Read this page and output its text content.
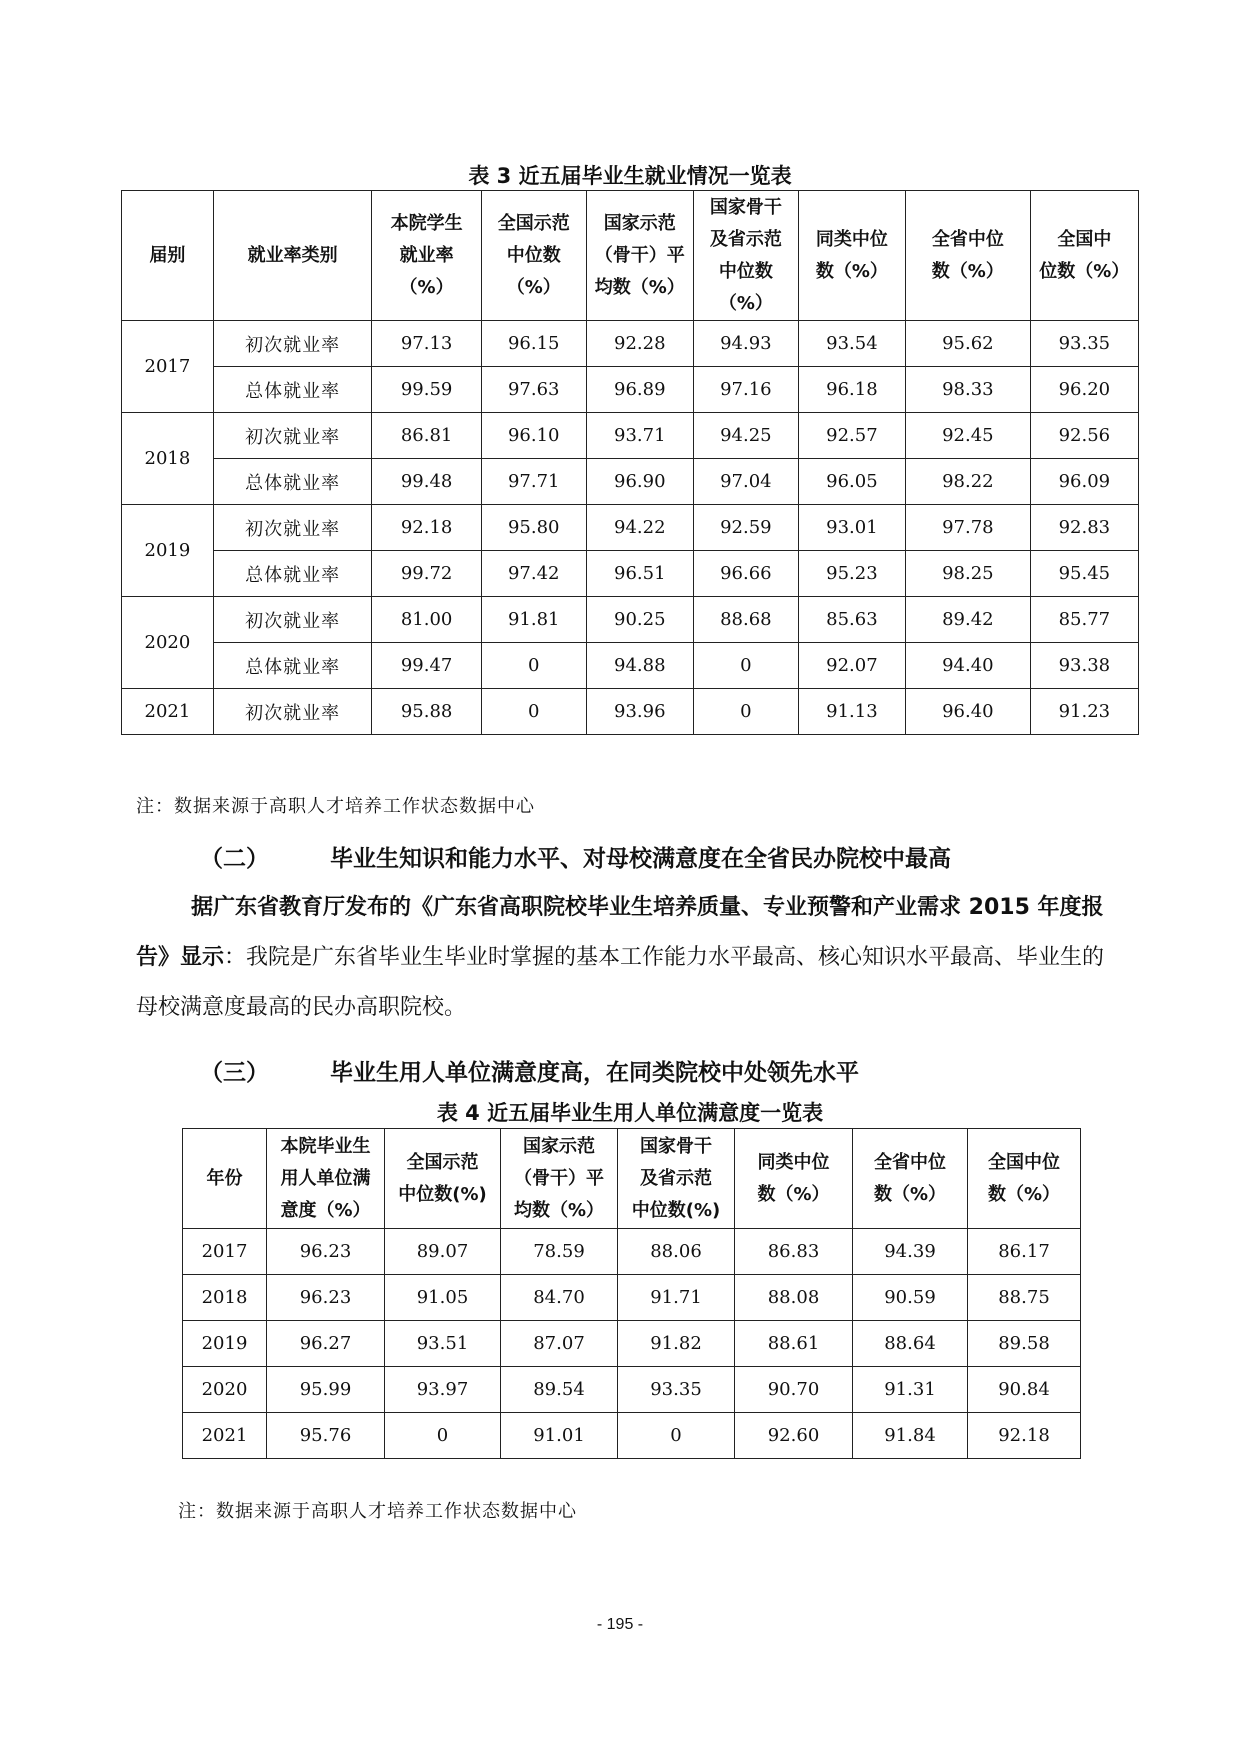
表 3 近五届毕业生就业情况一览表
届别	就业率类别	本院学生
就业率
（%）	全国示范
中位数
（%）	国家示范
（骨干）平
均数（%）	国家骨干
及省示范
中位数
（%）	同类中位
数（%）	全省中位
数（%）	全国中
位数（%）

2017	初次就业率	97.13	96.15	92.28	94.93	93.54	95.62	93.35
	总体就业率	99.59	97.63	96.89	97.16	96.18	98.33	96.20
2018	初次就业率	86.81	96.10	93.71	94.25	92.57	92.45	92.56
	总体就业率	99.48	97.71	96.90	97.04	96.05	98.22	96.09
2019	初次就业率	92.18	95.80	94.22	92.59	93.01	97.78	92.83
	总体就业率	99.72	97.42	96.51	96.66	95.23	98.25	95.45
2020	初次就业率	81.00	91.81	90.25	88.68	85.63	89.42	85.77
	总体就业率	99.47	0	94.88	0	92.07	94.40	93.38
2021	初次就业率	95.88	0	93.96	0	91.13	96.40	91.23
注：数据来源于高职人才培养工作状态数据中心
（二）	毕业生知识和能力水平、对母校满意度在全省民办院校中最高
据广东省教育厅发布的《广东省高职院校毕业生培养质量、专业预警和产业需求 2015 年度报告》显示：我院是广东省毕业生毕业时掌握的基本工作能力水平最高、核心知识水平最高、毕业生的母校满意度最高的民办高职院校。
（三）	毕业生用人单位满意度高，在同类院校中处领先水平
表 4 近五届毕业生用人单位满意度一览表
年份	本院毕业生
用人单位满
意度（%）	全国示范
中位数(%)	国家示范
（骨干）平
均数（%）	国家骨干
及省示范
中位数(%)	同类中位
数（%）	全省中位
数（%）	全国中位
数（%）

2017	96.23	89.07	78.59	88.06	86.83	94.39	86.17
2018	96.23	91.05	84.70	91.71	88.08	90.59	88.75
2019	96.27	93.51	87.07	91.82	88.61	88.64	89.58
2020	95.99	93.97	89.54	93.35	90.70	91.31	90.84
2021	95.76	0	91.01	0	92.60	91.84	92.18
注：数据来源于高职人才培养工作状态数据中心
- 195 -
